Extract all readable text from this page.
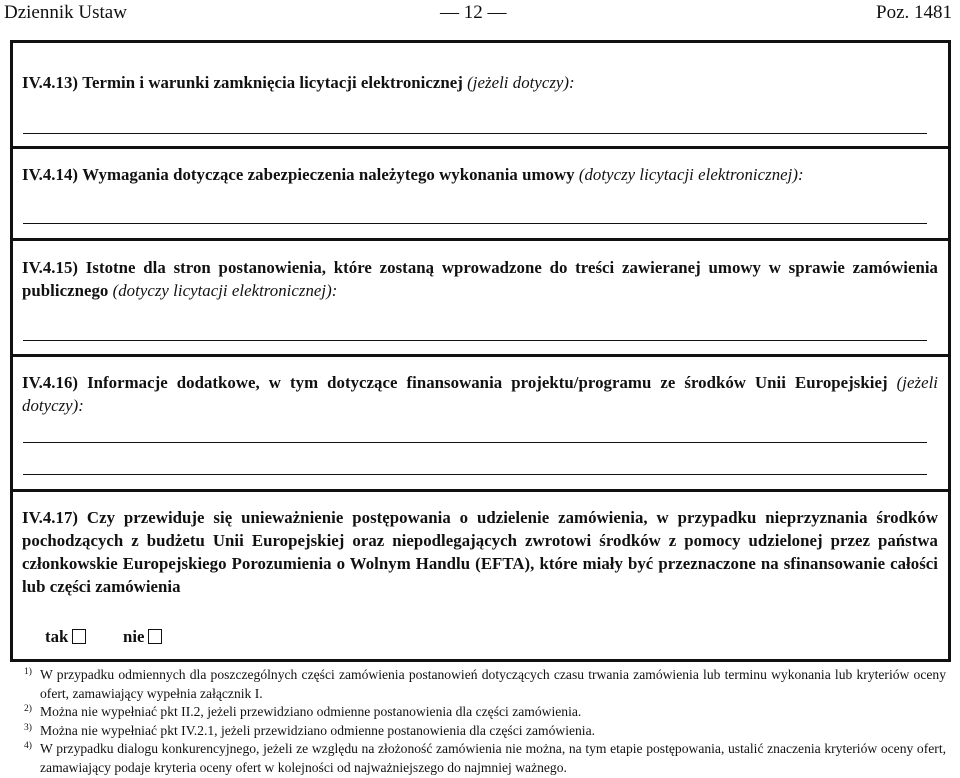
Dziennik Ustaw	— 12 —	Poz. 1481
IV.4.13) Termin i warunki zamknięcia licytacji elektronicznej (jeżeli dotyczy):
IV.4.14) Wymagania dotyczące zabezpieczenia należytego wykonania umowy (dotyczy licytacji elektronicznej):
IV.4.15) Istotne dla stron postanowienia, które zostaną wprowadzone do treści zawieranej umowy w sprawie zamówienia publicznego (dotyczy licytacji elektronicznej):
IV.4.16) Informacje dodatkowe, w tym dotyczące finansowania projektu/programu ze środków Unii Europejskiej (jeżeli dotyczy):
IV.4.17) Czy przewiduje się unieważnienie postępowania o udzielenie zamówienia, w przypadku nieprzyznania środków pochodzących z budżetu Unii Europejskiej oraz niepodlegających zwrotowi środków z pomocy udzielonej przez państwa członkowskie Europejskiego Porozumienia o Wolnym Handlu (EFTA), które miały być przeznaczone na sfinansowanie całości lub części zamówienia
tak	nie
1) W przypadku odmiennych dla poszczególnych części zamówienia postanowień dotyczących czasu trwania zamówienia lub terminu wykonania lub kryteriów oceny ofert, zamawiający wypełnia załącznik I.
2) Można nie wypełniać pkt II.2, jeżeli przewidziano odmienne postanowienia dla części zamówienia.
3) Można nie wypełniać pkt IV.2.1, jeżeli przewidziano odmienne postanowienia dla części zamówienia.
4) W przypadku dialogu konkurencyjnego, jeżeli ze względu na złożoność zamówienia nie można, na tym etapie postępowania, ustalić znaczenia kryteriów oceny ofert, zamawiający podaje kryteria oceny ofert w kolejności od najważniejszego do najmniej ważnego.
